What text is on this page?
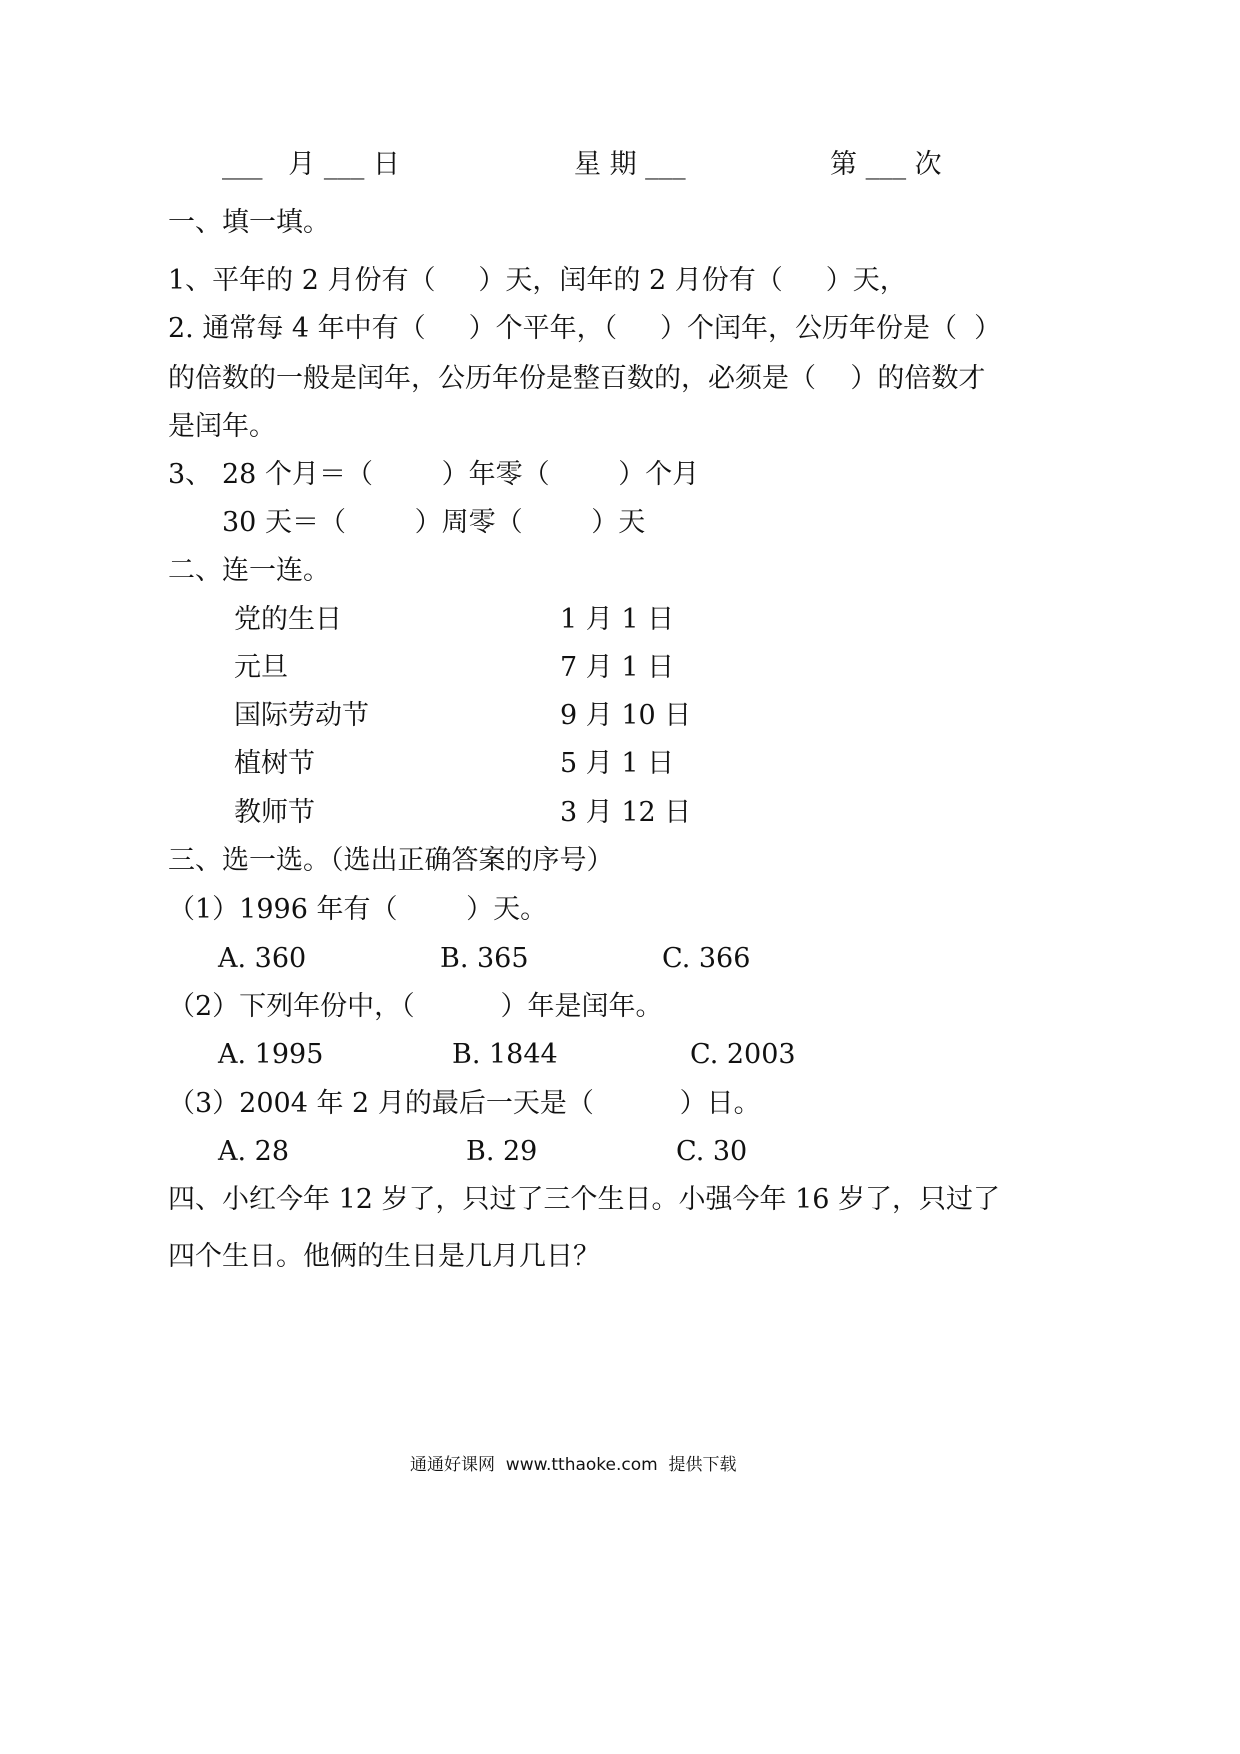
___   月 ___ 日	星 期 ___	第 ___ 次
一、填一填。
1、平年的 2 月份有（     ）天，闰年的 2 月份有（     ）天，
2. 通常每 4 年中有（     ）个平年，（     ）个闰年，公历年份是（  ）
的倍数的一般是闰年，公历年份是整百数的，必须是（    ）的倍数才
是闰年。
3、 28 个月＝（        ）年零（        ）个月
30 天＝（        ）周零（        ）天
二、连一连。
党的生日	1 月 1 日
元旦	7 月 1 日
国际劳动节	9 月 10 日
植树节	5 月 1 日
教师节	3 月 12 日
三、选一选。（选出正确答案的序号）
（1）1996 年有（        ）天。
A. 360	B. 365	C. 366
（2）下列年份中，（          ）年是闰年。
A. 1995	B. 1844	C. 2003
（3）2004 年 2 月的最后一天是（          ）日。
A. 28	B. 29	C. 30
四、小红今年 12 岁了，只过了三个生日。小强今年 16 岁了，只过了
四个生日。他俩的生日是几月几日？
通通好课网  www.tthaoke.com  提供下载
